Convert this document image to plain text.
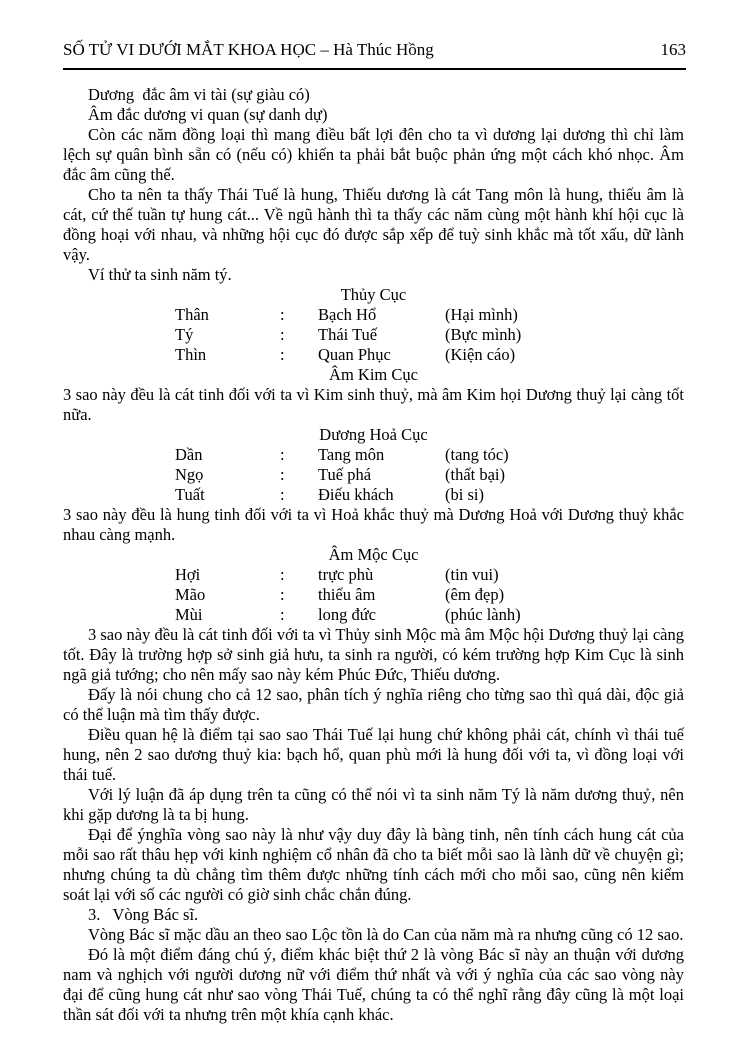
SỐ TỬ VI DƯỚI MẮT KHOA HỌC – Hà Thúc Hồng	163

Dương  đắc âm vi tài (sự giàu có)

Âm đắc dương vi quan (sự danh dự)

Còn các năm đồng loại thì mang điều bất lợi đên cho ta vì dương lại dương thì chỉ làm lệch sự quân bình sẵn có (nếu có) khiến ta phải bắt buộc phản ứng một cách khó nhọc. Âm đắc âm cũng thế.

Cho ta nên ta thấy Thái Tuế là hung, Thiếu dương là cát Tang môn là hung, thiếu âm là cát, cứ thế tuần tự hung cát... Về ngũ hành thì ta thấy các năm cùng một hành khí hội cục là đồng hoại với nhau, và những hội cục đó được sắp xếp để tuỳ sinh khắc mà tốt xấu, dữ lành vậy.

Ví thử ta sinh năm tý.

Thủy Cục

Thân	:	Bạch Hổ	(Hại mình)
Tý	:	Thái Tuế	(Bực mình)
Thìn	:	Quan Phục	(Kiện cáo)

Âm Kim Cục

3 sao này đều là cát tinh đối với ta vì Kim sinh thuỷ, mà âm Kim họi Dương thuỷ lại càng tốt nữa.

Dương Hoả Cục

Dần	:	Tang môn	(tang tóc)
Ngọ	:	Tuế phá	(thất bại)
Tuất	:	Điếu khách	(bi si)

3 sao này đều là hung tinh đối với ta vì Hoả khắc thuỷ mà Dương Hoả với Dương thuỷ khắc nhau càng mạnh.

Âm Mộc Cục

Hợi	:	trực phù	(tin vui)
Mão	:	thiếu âm	(êm đẹp)
Mùi	:	long đức	(phúc lành)

3 sao này đều là cát tinh đối với ta vì Thủy sinh Mộc mà âm Mộc hội Dương thuỷ lại càng tốt. Đây là trường hợp sở sinh giả hưu, ta sinh ra người, có kém trường hợp Kim Cục là sinh ngã giả tướng; cho nên mấy sao này kém Phúc Đức, Thiếu dương.

Đấy là nói chung cho cả 12 sao, phân tích ý nghĩa riêng cho từng sao thì quá dài, độc giả có thể luận mà tìm thấy được.

Điều quan hệ là điểm tại sao sao Thái Tuế lại hung chứ không phải cát, chính vì thái tuế hung, nên 2 sao dương thuỷ kia: bạch hổ, quan phù mới là hung đối với ta, vì đồng loại với thái tuế.

Với lý luận đã áp dụng trên ta cũng có thể nói vì ta sinh năm Tý là năm dương thuỷ, nên khi gặp dương là ta bị hung.

Đại để ýnghĩa vòng sao này là như vậy duy đây là bàng tinh, nên tính cách hung cát của mỗi sao rất thâu hẹp với kinh nghiệm cổ nhân đã cho ta biết mỗi sao là lành dữ về chuyện gì; nhưng chúng ta dù chẳng tìm thêm được những tính cách mới cho mỗi sao, cũng nên kiểm soát lại với số các người có giờ sinh chắc chắn đúng.

3.   Vòng Bác sĩ.

Vòng Bác sĩ mặc dầu an theo sao Lộc tồn là do Can của năm mà ra nhưng cũng có 12 sao.

Đó là một điểm đáng chú ý, điểm khác biệt thứ 2 là vòng Bác sĩ này an thuận với dương nam và nghịch với người dương nữ với điểm thứ nhất và với ý nghĩa của các sao vòng này đại để cũng hung cát như sao vòng Thái Tuế, chúng ta có thể nghĩ rằng đây cũng là một loại thần sát đối với ta nhưng trên một khía cạnh khác.
